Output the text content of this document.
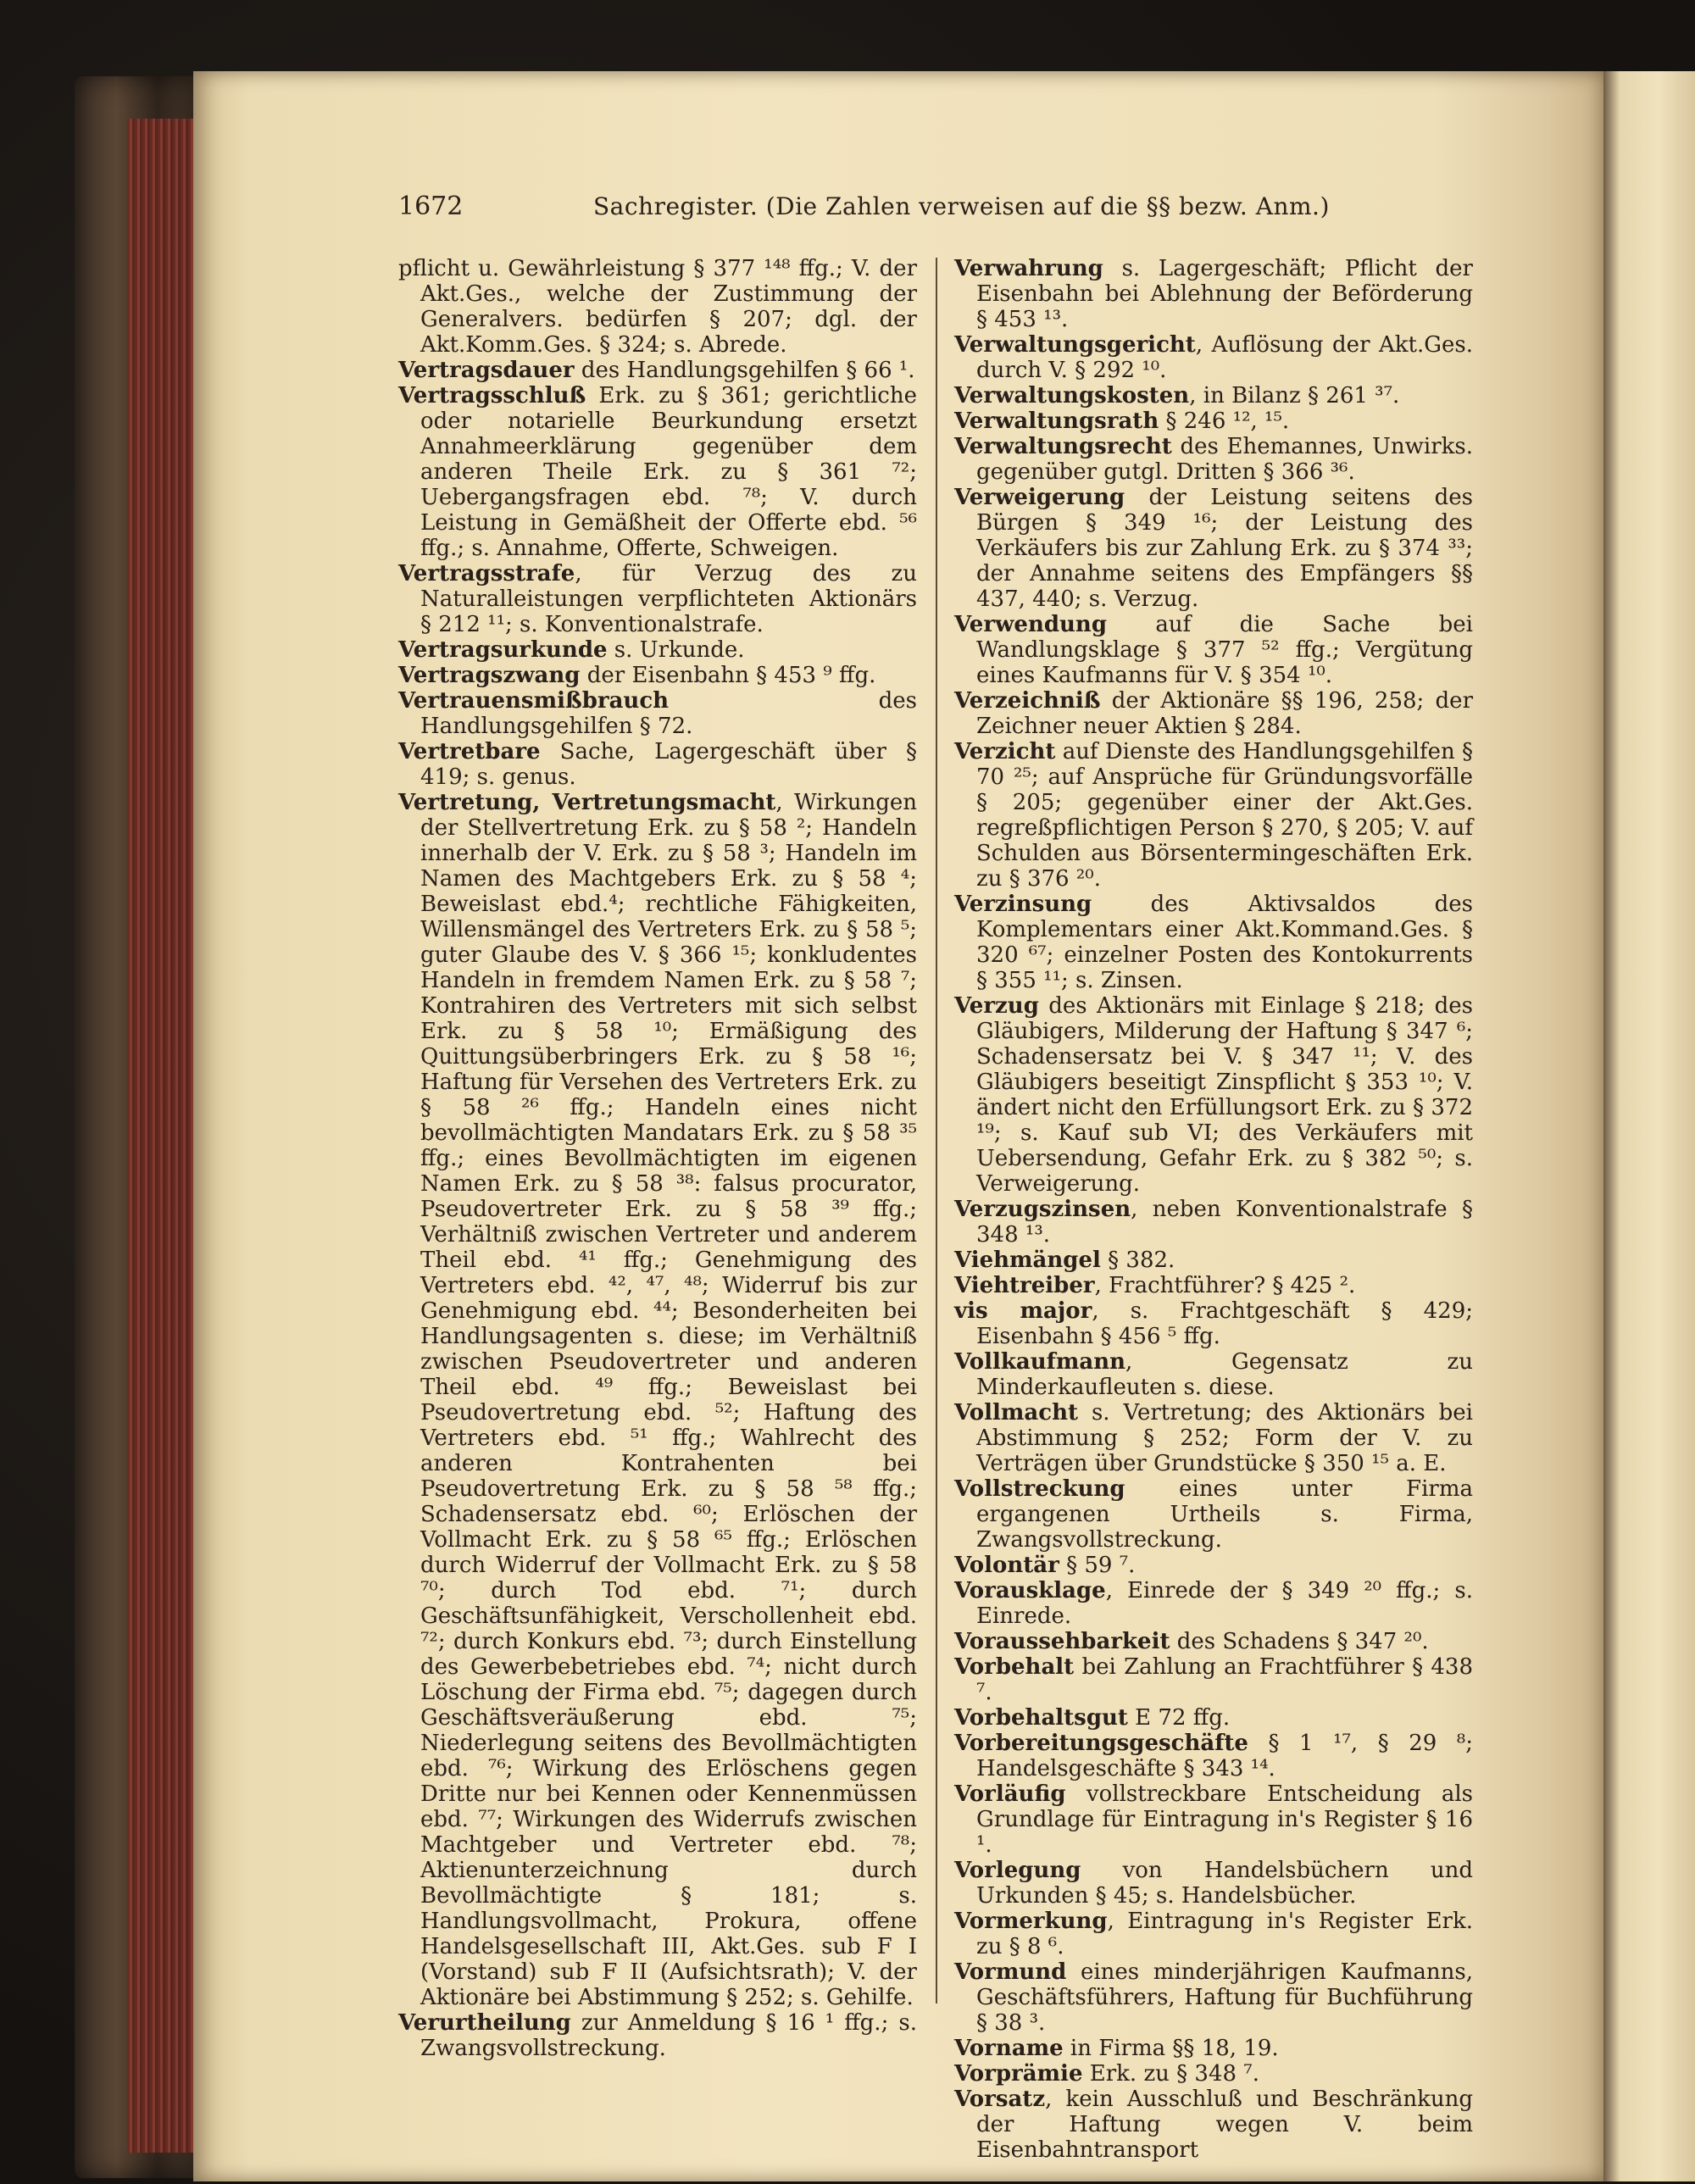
1672	Sachregister. (Die Zahlen verweisen auf die §§ bezw. Anm.)

pflicht u. Gewährleistung § 377 ¹⁴⁸ ffg.; V. der Akt.Ges., welche der Zustimmung der Generalvers. bedürfen § 207; dgl. der Akt.Komm.Ges. § 324; s. Abrede.

Vertragsdauer des Handlungsgehilfen § 66 ¹.

Vertragsschluß Erk. zu § 361; gerichtliche oder notarielle Beurkundung ersetzt Annahmeerklärung gegenüber dem anderen Theile Erk. zu § 361 ⁷²; Uebergangsfragen ebd. ⁷⁸; V. durch Leistung in Gemäßheit der Offerte ebd. ⁵⁶ ffg.; s. Annahme, Offerte, Schweigen.

Vertragsstrafe, für Verzug des zu Naturalleistungen verpflichteten Aktionärs § 212 ¹¹; s. Konventionalstrafe.

Vertragsurkunde s. Urkunde.

Vertragszwang der Eisenbahn § 453 ⁹ ffg.

Vertrauensmißbrauch des Handlungsgehilfen § 72.

Vertretbare Sache, Lagergeschäft über § 419; s. genus.

Vertretung, Vertretungsmacht, Wirkungen der Stellvertretung Erk. zu § 58 ²; Handeln innerhalb der V. Erk. zu § 58 ³; Handeln im Namen des Machtgebers Erk. zu § 58 ⁴; Beweislast ebd.⁴; rechtliche Fähigkeiten, Willensmängel des Vertreters Erk. zu § 58 ⁵; guter Glaube des V. § 366 ¹⁵; konkludentes Handeln in fremdem Namen Erk. zu § 58 ⁷; Kontrahiren des Vertreters mit sich selbst Erk. zu § 58 ¹⁰; Ermäßigung des Quittungsüberbringers Erk. zu § 58 ¹⁶; Haftung für Versehen des Vertreters Erk. zu § 58 ²⁶ ffg.; Handeln eines nicht bevollmächtigten Mandatars Erk. zu § 58 ³⁵ ffg.; eines Bevollmächtigten im eigenen Namen Erk. zu § 58 ³⁸: falsus procurator, Pseudovertreter Erk. zu § 58 ³⁹ ffg.; Verhältniß zwischen Vertreter und anderem Theil ebd. ⁴¹ ffg.; Genehmigung des Vertreters ebd. ⁴², ⁴⁷, ⁴⁸; Widerruf bis zur Genehmigung ebd. ⁴⁴; Besonderheiten bei Handlungsagenten s. diese; im Verhältniß zwischen Pseudovertreter und anderen Theil ebd. ⁴⁹ ffg.; Beweislast bei Pseudovertretung ebd. ⁵²; Haftung des Vertreters ebd. ⁵¹ ffg.; Wahlrecht des anderen Kontrahenten bei Pseudovertretung Erk. zu § 58 ⁵⁸ ffg.; Schadensersatz ebd. ⁶⁰; Erlöschen der Vollmacht Erk. zu § 58 ⁶⁵ ffg.; Erlöschen durch Widerruf der Vollmacht Erk. zu § 58 ⁷⁰; durch Tod ebd. ⁷¹; durch Geschäftsunfähigkeit, Verschollenheit ebd. ⁷²; durch Konkurs ebd. ⁷³; durch Einstellung des Gewerbebetriebes ebd. ⁷⁴; nicht durch Löschung der Firma ebd. ⁷⁵; dagegen durch Geschäftsveräußerung ebd. ⁷⁵; Niederlegung seitens des Bevollmächtigten ebd. ⁷⁶; Wirkung des Erlöschens gegen Dritte nur bei Kennen oder Kennenmüssen ebd. ⁷⁷; Wirkungen des Widerrufs zwischen Machtgeber und Vertreter ebd. ⁷⁸; Aktienunterzeichnung durch Bevollmächtigte § 181; s. Handlungsvollmacht, Prokura, offene Handelsgesellschaft III, Akt.Ges. sub F I (Vorstand) sub F II (Aufsichtsrath); V. der Aktionäre bei Abstimmung § 252; s. Gehilfe.

Verurtheilung zur Anmeldung § 16 ¹ ffg.; s. Zwangsvollstreckung.

Verwahrung s. Lagergeschäft; Pflicht der Eisenbahn bei Ablehnung der Beförderung § 453 ¹³.

Verwaltungsgericht, Auflösung der Akt.Ges. durch V. § 292 ¹⁰.

Verwaltungskosten, in Bilanz § 261 ³⁷.

Verwaltungsrath § 246 ¹², ¹⁵.

Verwaltungsrecht des Ehemannes, Unwirks. gegenüber gutgl. Dritten § 366 ³⁶.

Verweigerung der Leistung seitens des Bürgen § 349 ¹⁶; der Leistung des Verkäufers bis zur Zahlung Erk. zu § 374 ³³; der Annahme seitens des Empfängers §§ 437, 440; s. Verzug.

Verwendung auf die Sache bei Wandlungsklage § 377 ⁵² ffg.; Vergütung eines Kaufmanns für V. § 354 ¹⁰.

Verzeichniß der Aktionäre §§ 196, 258; der Zeichner neuer Aktien § 284.

Verzicht auf Dienste des Handlungsgehilfen § 70 ²⁵; auf Ansprüche für Gründungsvorfälle § 205; gegenüber einer der Akt.Ges. regreßpflichtigen Person § 270, § 205; V. auf Schulden aus Börsentermingeschäften Erk. zu § 376 ²⁰.

Verzinsung des Aktivsaldos des Komplementars einer Akt.Kommand.Ges. § 320 ⁶⁷; einzelner Posten des Kontokurrents § 355 ¹¹; s. Zinsen.

Verzug des Aktionärs mit Einlage § 218; des Gläubigers, Milderung der Haftung § 347 ⁶; Schadensersatz bei V. § 347 ¹¹; V. des Gläubigers beseitigt Zinspflicht § 353 ¹⁰; V. ändert nicht den Erfüllungsort Erk. zu § 372 ¹⁹; s. Kauf sub VI; des Verkäufers mit Uebersendung, Gefahr Erk. zu § 382 ⁵⁰; s. Verweigerung.

Verzugszinsen, neben Konventionalstrafe § 348 ¹³.

Viehmängel § 382.

Viehtreiber, Frachtführer? § 425 ².

vis major, s. Frachtgeschäft § 429; Eisenbahn § 456 ⁵ ffg.

Vollkaufmann, Gegensatz zu Minderkaufleuten s. diese.

Vollmacht s. Vertretung; des Aktionärs bei Abstimmung § 252; Form der V. zu Verträgen über Grundstücke § 350 ¹⁵ a. E.

Vollstreckung eines unter Firma ergangenen Urtheils s. Firma, Zwangsvollstreckung.

Volontär § 59 ⁷.

Vorausklage, Einrede der § 349 ²⁰ ffg.; s. Einrede.

Voraussehbarkeit des Schadens § 347 ²⁰.

Vorbehalt bei Zahlung an Frachtführer § 438 ⁷.

Vorbehaltsgut E 72 ffg.

Vorbereitungsgeschäfte § 1 ¹⁷, § 29 ⁸; Handelsgeschäfte § 343 ¹⁴.

Vorläufig vollstreckbare Entscheidung als Grundlage für Eintragung in's Register § 16 ¹.

Vorlegung von Handelsbüchern und Urkunden § 45; s. Handelsbücher.

Vormerkung, Eintragung in's Register Erk. zu § 8 ⁶.

Vormund eines minderjährigen Kaufmanns, Geschäftsführers, Haftung für Buchführung § 38 ³.

Vorname in Firma §§ 18, 19.

Vorprämie Erk. zu § 348 ⁷.

Vorsatz, kein Ausschluß und Beschränkung der Haftung wegen V. beim Eisenbahntransport
